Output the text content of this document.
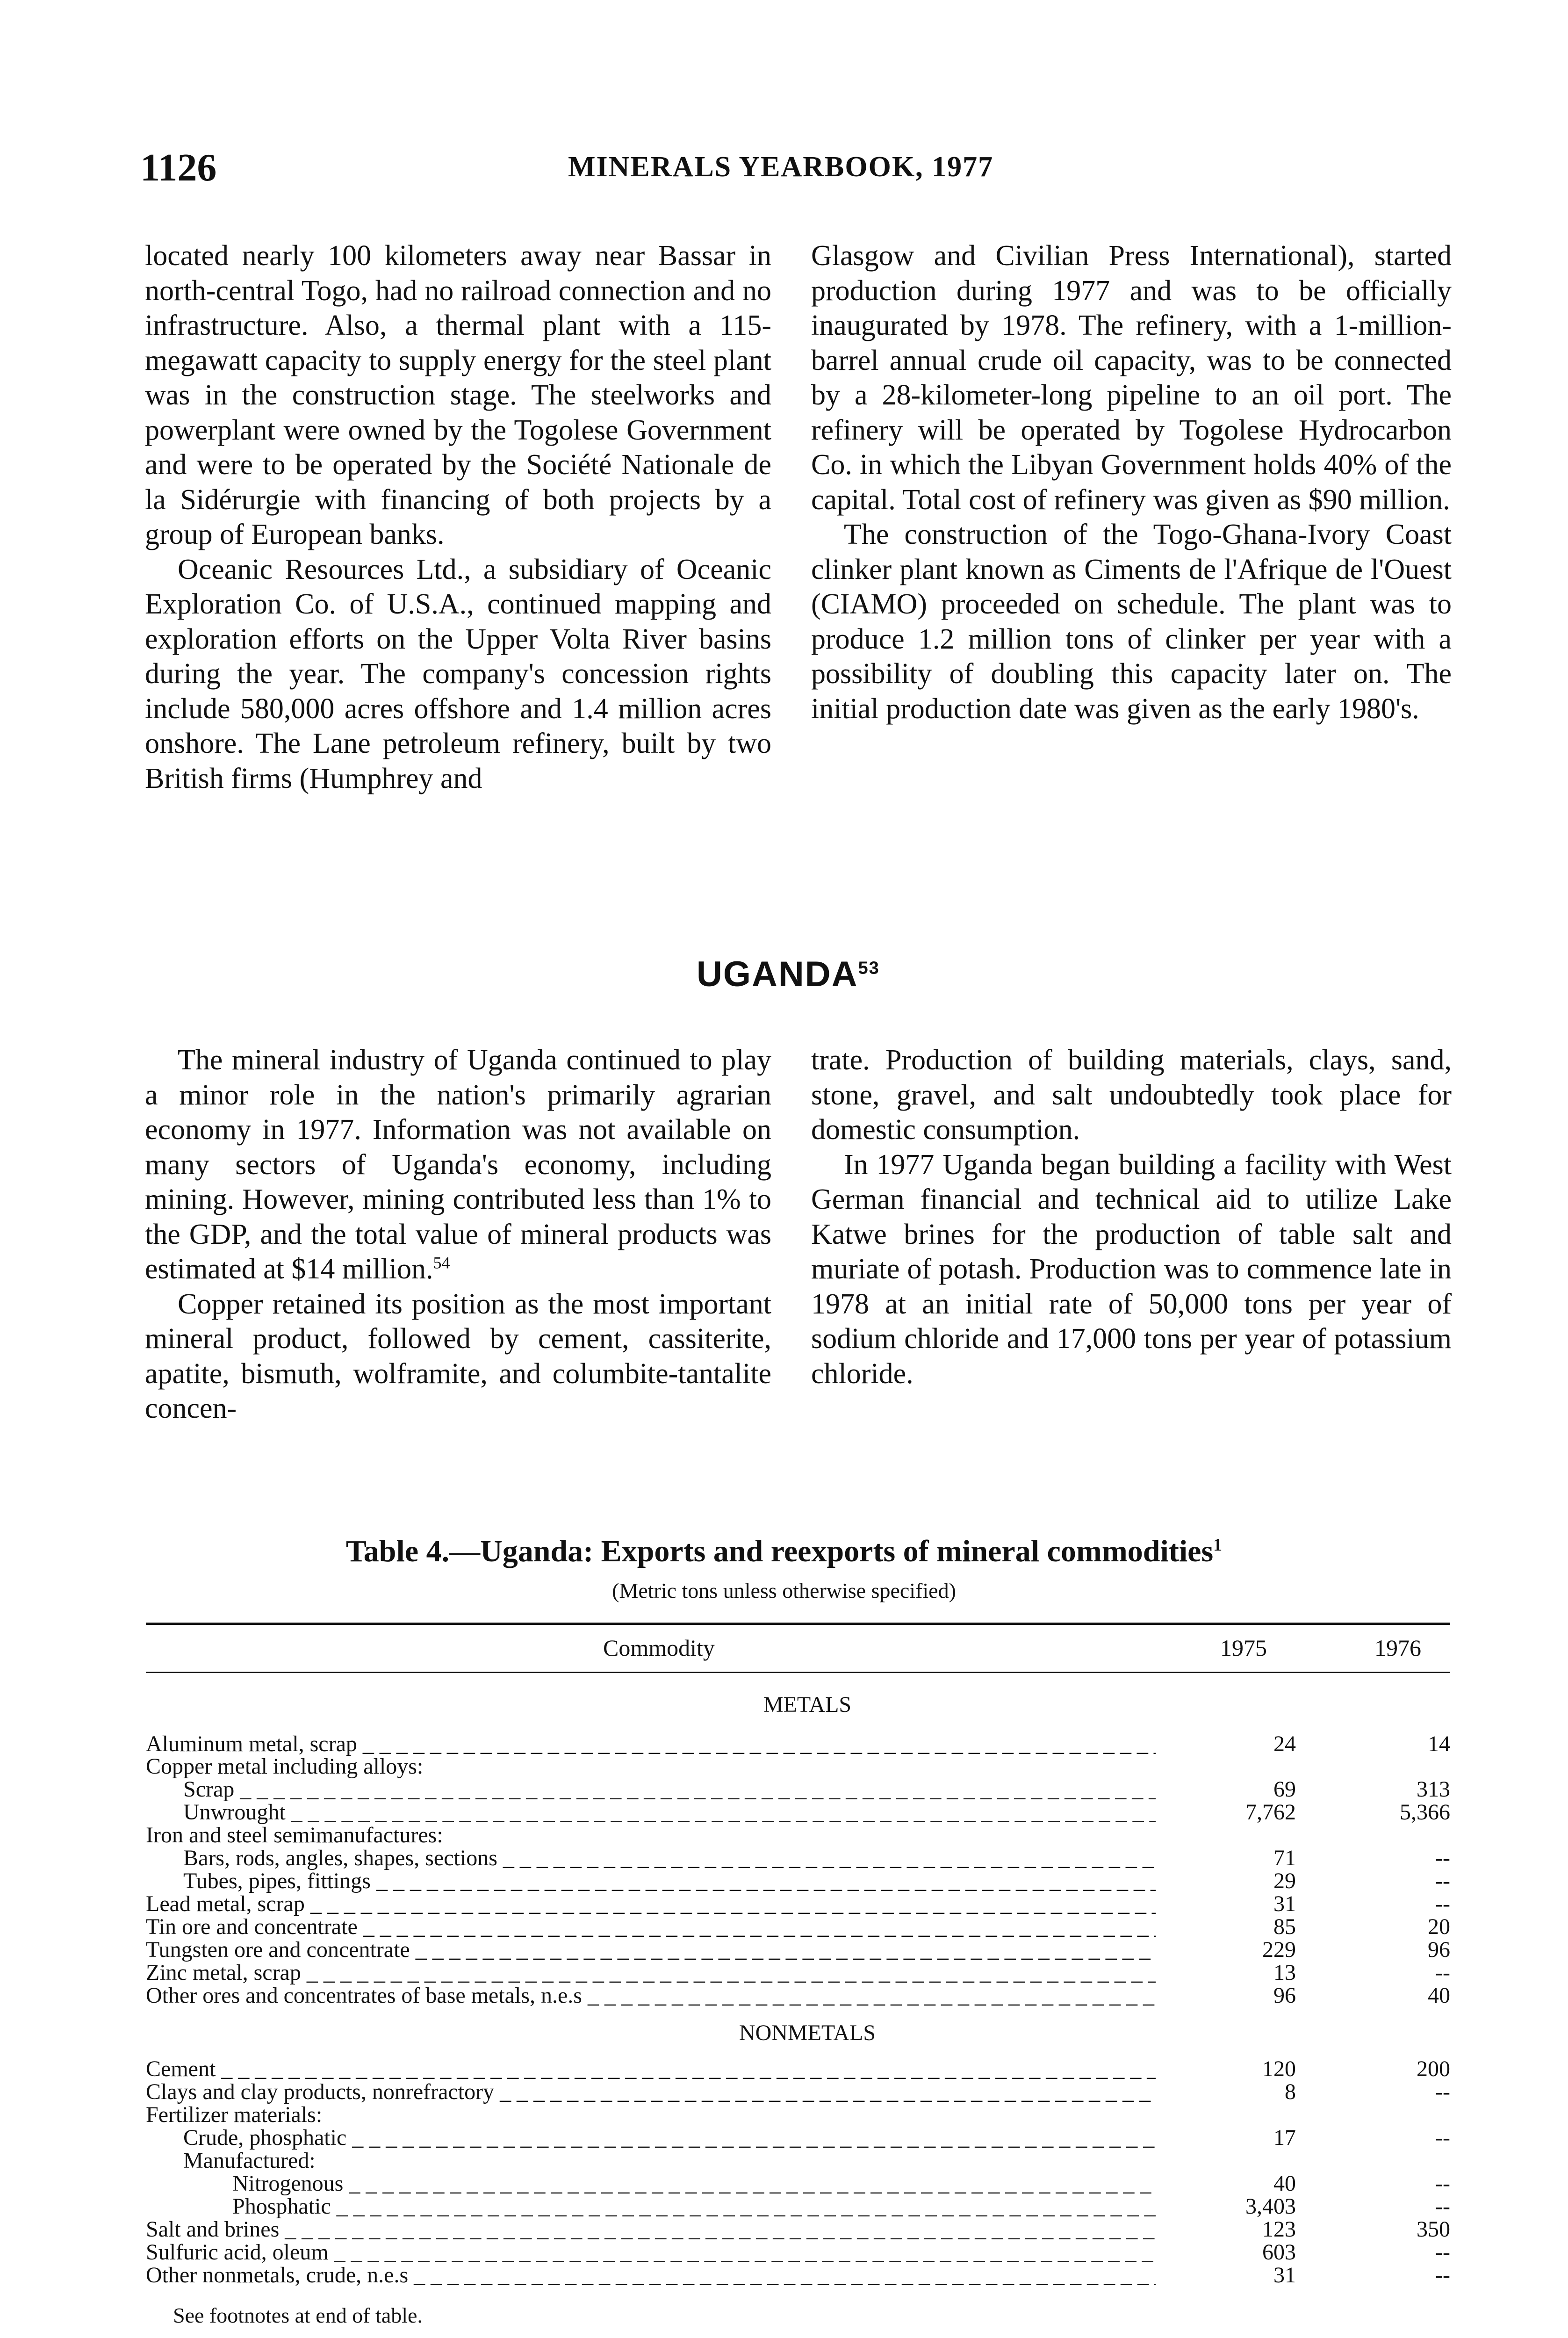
1126	MINERALS YEARBOOK, 1977

located nearly 100 kilometers away near Bassar in north-central Togo, had no railroad connection and no infrastructure. Also, a thermal plant with a 115-megawatt capacity to supply energy for the steel plant was in the construction stage. The steelworks and powerplant were owned by the Togolese Government and were to be operated by the Société Nationale de la Sidérurgie with financing of both projects by a group of European banks.

Oceanic Resources Ltd., a subsidiary of Oceanic Exploration Co. of U.S.A., continued mapping and exploration efforts on the Upper Volta River basins during the year. The company's concession rights include 580,000 acres offshore and 1.4 million acres onshore. The Lane petroleum refinery, built by two British firms (Humphrey and

Glasgow and Civilian Press International), started production during 1977 and was to be officially inaugurated by 1978. The refinery, with a 1-million-barrel annual crude oil capacity, was to be connected by a 28-kilometer-long pipeline to an oil port. The refinery will be operated by Togolese Hydrocarbon Co. in which the Libyan Government holds 40% of the capital. Total cost of refinery was given as $90 million.

The construction of the Togo-Ghana-Ivory Coast clinker plant known as Ciments de l'Afrique de l'Ouest (CIAMO) proceeded on schedule. The plant was to produce 1.2 million tons of clinker per year with a possibility of doubling this capacity later on. The initial production date was given as the early 1980's.

UGANDA$^{53}$

The mineral industry of Uganda continued to play a minor role in the nation's primarily agrarian economy in 1977. Information was not available on many sectors of Uganda's economy, including mining. However, mining contributed less than 1% to the GDP, and the total value of mineral products was estimated at $14 million.$^{54}$

Copper retained its position as the most important mineral product, followed by cement, cassiterite, apatite, bismuth, wolframite, and columbite-tantalite concen-

trate. Production of building materials, clays, sand, stone, gravel, and salt undoubtedly took place for domestic consumption.

In 1977 Uganda began building a facility with West German financial and technical aid to utilize Lake Katwe brines for the production of table salt and muriate of potash. Production was to commence late in 1978 at an initial rate of 50,000 tons per year of sodium chloride and 17,000 tons per year of potassium chloride.

Table 4.—Uganda: Exports and reexports of mineral commodities$^1$
(Metric tons unless otherwise specified)
Commodity	1975	1976
METALS
Aluminum metal, scrap _ _ _	24	14
Copper metal including alloys:
Scrap _ _ _	69	313
Unwrought _ _ _	7,762	5,366
Iron and steel semimanufactures:
Bars, rods, angles, shapes, sections _ _ _	71	--
Tubes, pipes, fittings _ _ _	29	--
Lead metal, scrap _ _ _	31	--
Tin ore and concentrate _ _ _	85	20
Tungsten ore and concentrate _ _ _	229	96
Zinc metal, scrap _ _ _	13	--
Other ores and concentrates of base metals, n.e.s _ _ _	96	40
Cement _ _ _	120	200
Clays and clay products, nonrefractory _ _ _	8	--
Fertilizer materials:
Crude, phosphatic _ _ _	17	--
Manufactured:
Nitrogenous _ _ _	40	--
Phosphatic _ _ _	3,403	--
Salt and brines _ _ _	123	350
Sulfuric acid, oleum _ _ _	603	--
Other nonmetals, crude, n.e.s _ _ _	31	--
See footnotes at end of table.
NONMETALS
